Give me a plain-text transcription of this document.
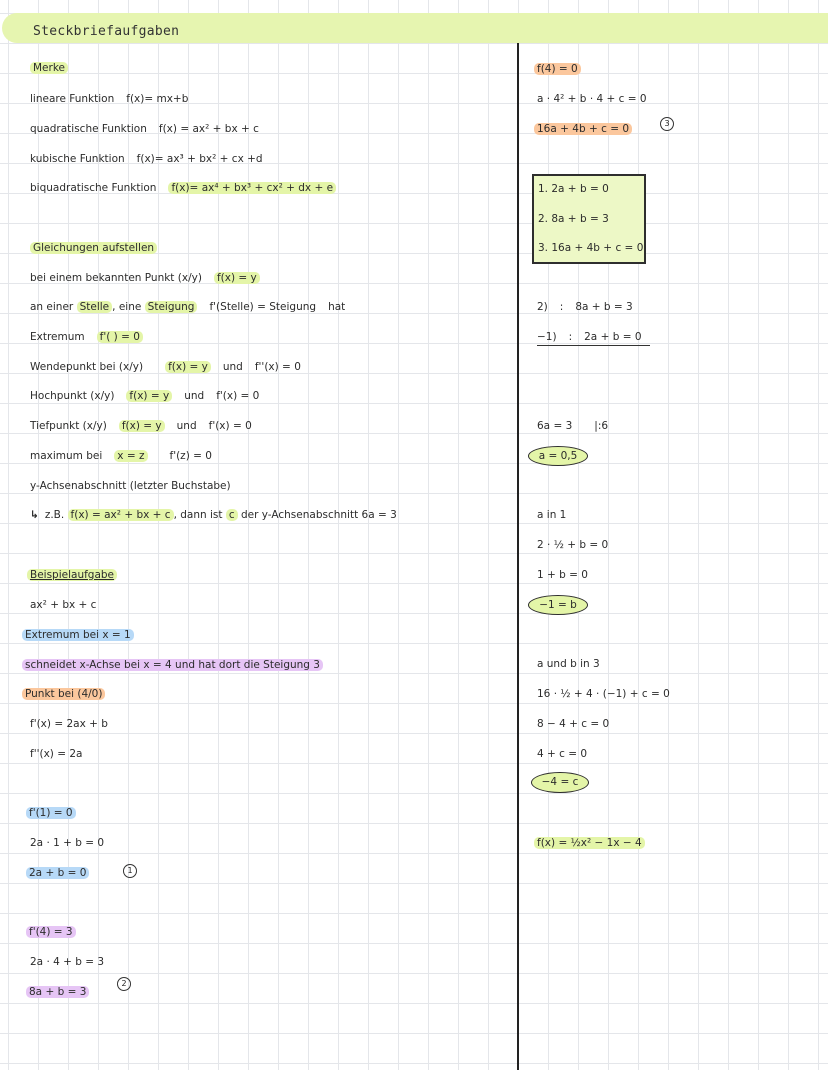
Steckbriefaufgaben
Merke
lineare Funktion f(x)= mx+b
quadratische Funktion f(x) = ax² + bx + c
kubische Funktion f(x)= ax³ + bx² + cx +d
biquadratische Funktion f(x)= ax⁴ + bx³ + cx² + dx + e
Gleichungen aufstellen
bei einem bekannten Punkt (x/y) f(x) = y
an einer Stelle , eine Steigung f'(Stelle) = Steigung hat
Extremum f'( ) = 0
Wendepunkt bei (x/y) f(x) = y und f''(x) = 0
Hochpunkt (x/y) f(x) = y und f'(x) = 0
Tiefpunkt (x/y) f(x) = y und f'(x) = 0
maximum bei x = z f'(z) = 0
y-Achsenabschnitt (letzter Buchstabe)
↳ z.B. f(x) = ax² + bx + c , dann ist c der y-Achsenabschnitt 6a = 3
Beispielaufgabe
ax² + bx + c
Extremum bei x = 1
schneidet x-Achse bei x = 4 und hat dort die Steigung 3
Punkt bei (4/0)
f'(x) = 2ax + b
f''(x) = 2a
f'(1) = 0
2a · 1 + b = 0
2a + b = 0	1
f'(4) = 3
2a · 4 + b = 3
8a + b = 3
2
f(4) = 0
a · 4² + b · 4 + c = 0
16a + 4b + c = 0	3
1. 2a + b = 0
2. 8a + b = 3
3. 16a + 4b + c = 0
2) : 8a + b = 3
−1) : 2a + b = 0
6a = 3 |:6
a = 0,5
a in 1
2 · ½ + b = 0
1 + b = 0
−1 = b
a und b in 3
16 · ½ + 4 · (−1) + c = 0
8 − 4 + c = 0
4 + c = 0
−4 = c
f(x) = ½x² − 1x − 4
